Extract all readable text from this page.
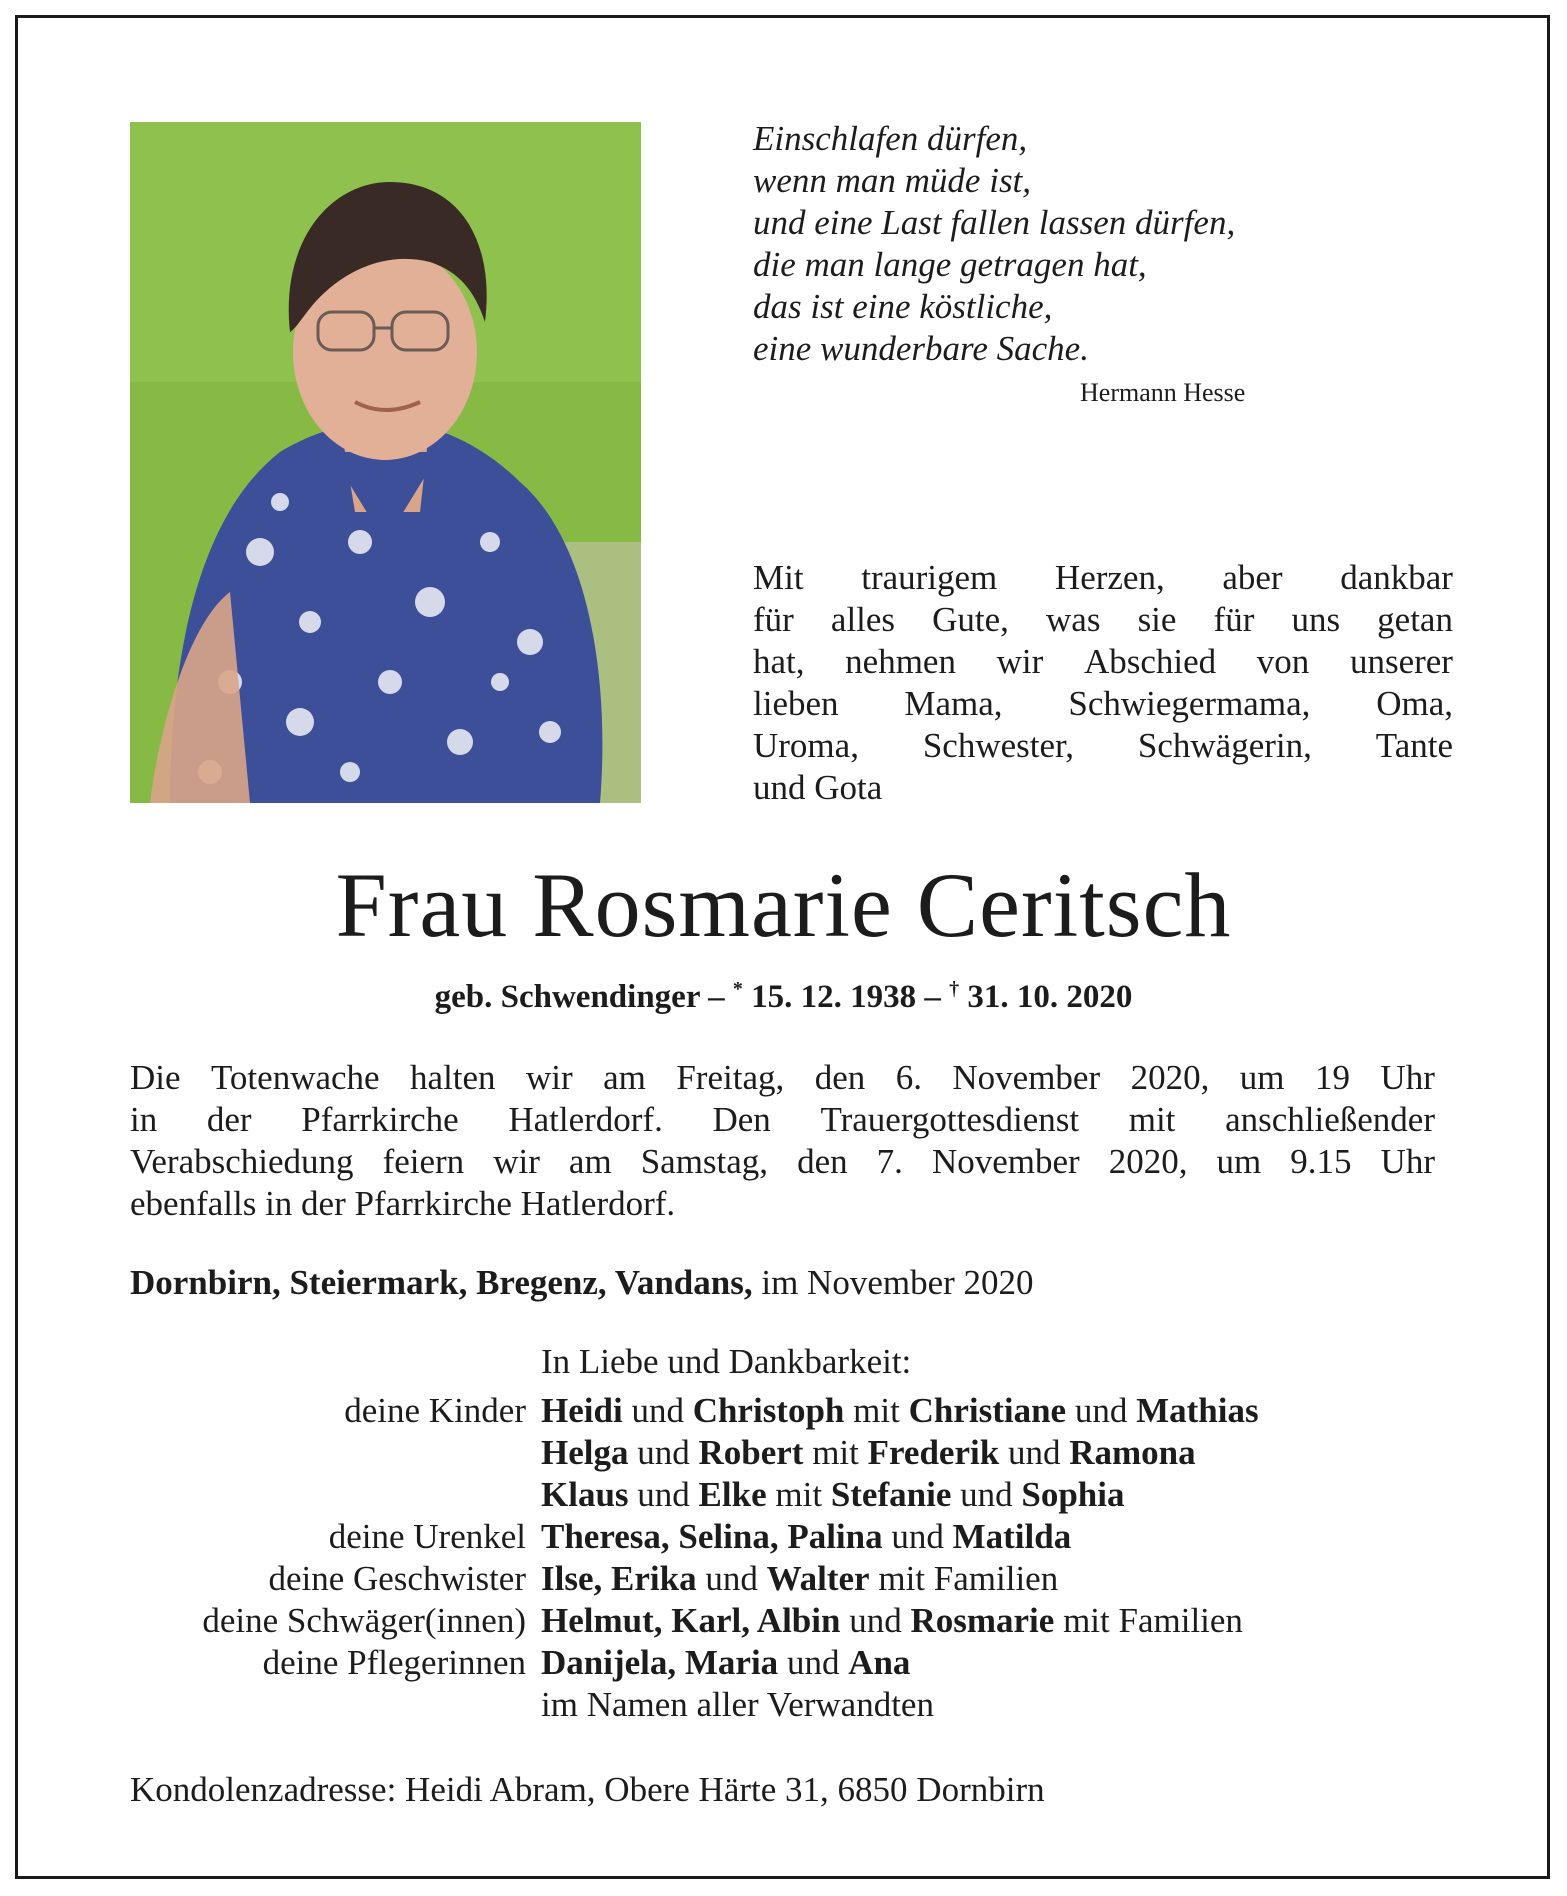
Einschlafen dürfen,
wenn man müde ist,
und eine Last fallen lassen dürfen,
die man lange getragen hat,
das ist eine köstliche,
eine wunderbare Sache.
Hermann Hesse
Mit traurigem Herzen, aber dankbar
für alles Gute, was sie für uns getan
hat, nehmen wir Abschied von unserer
lieben Mama, Schwiegermama, Oma,
Uroma, Schwester, Schwägerin, Tante
und Gota
Frau Rosmarie Ceritsch
geb. Schwendinger – * 15. 12. 1938 – † 31. 10. 2020
Die Totenwache halten wir am Freitag, den 6. November 2020, um 19 Uhr
in der Pfarrkirche Hatlerdorf. Den Trauergottesdienst mit anschließender
Verabschiedung feiern wir am Samstag, den 7. November 2020, um 9.15 Uhr
ebenfalls in der Pfarrkirche Hatlerdorf.
Dornbirn, Steiermark, Bregenz, Vandans, im November 2020
In Liebe und Dankbarkeit:
deine Kinder Heidi und Christoph mit Christiane und Mathias
Helga und Robert mit Frederik und Ramona
Klaus und Elke mit Stefanie und Sophia
deine Urenkel Theresa, Selina, Palina und Matilda
deine Geschwister Ilse, Erika und Walter mit Familien
deine Schwäger(innen) Helmut, Karl, Albin und Rosmarie mit Familien
deine Pflegerinnen Danijela, Maria und Ana
im Namen aller Verwandten
Kondolenzadresse: Heidi Abram, Obere Härte 31, 6850 Dornbirn
